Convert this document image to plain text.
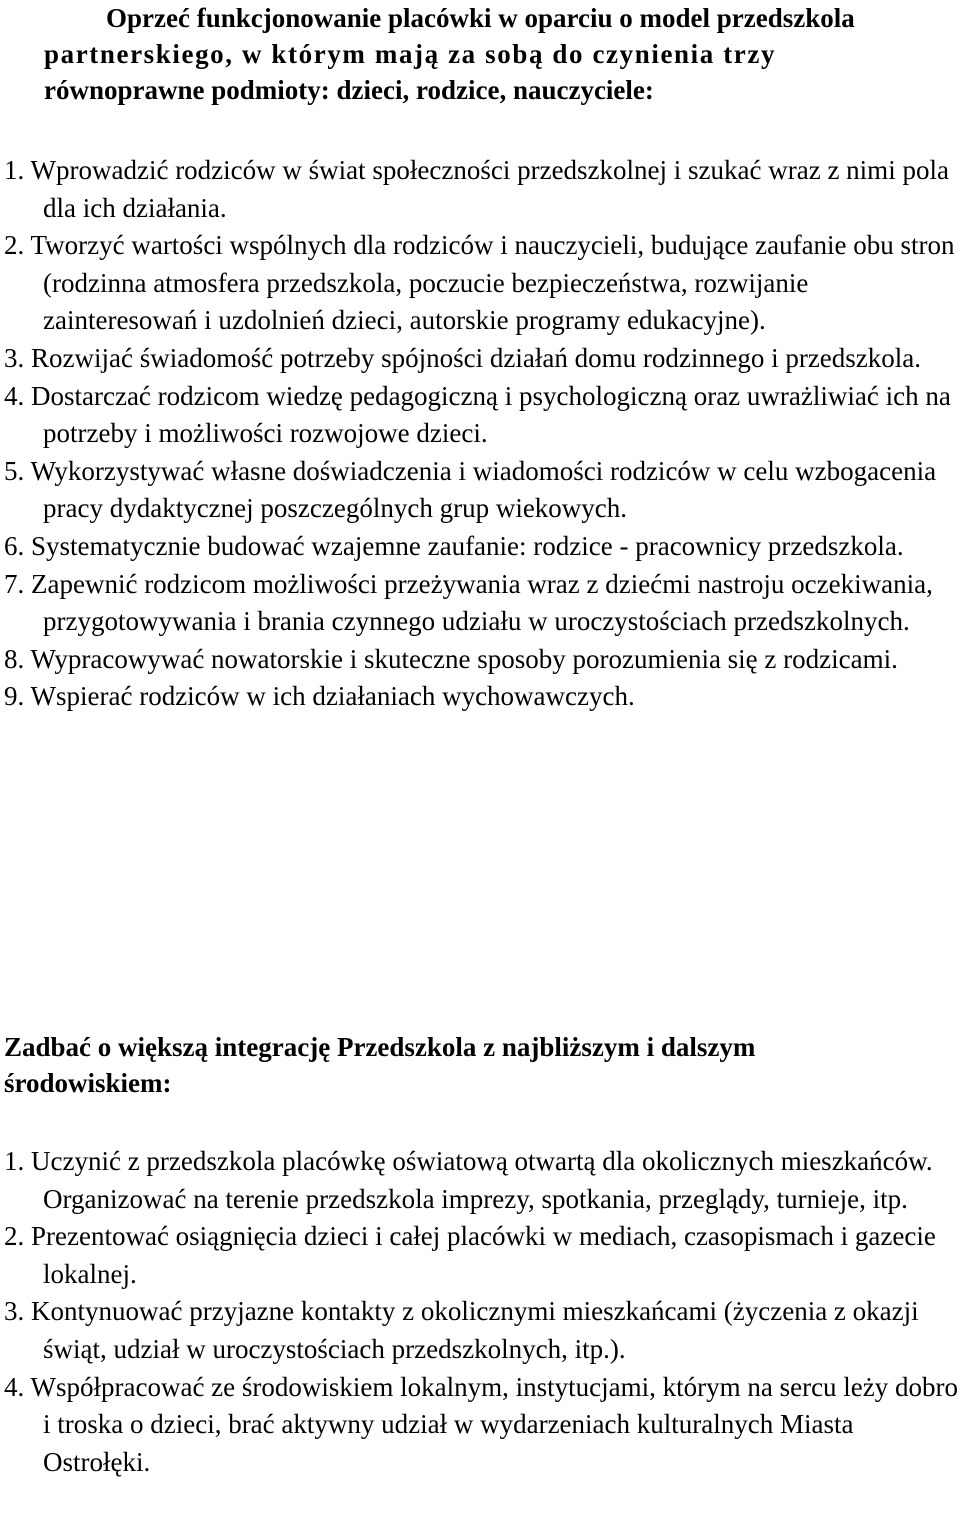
Oprzeć funkcjonowanie placówki w oparciu o model przedszkola
partnerskiego, w którym mają za sobą do czynienia trzy
równoprawne podmioty: dzieci, rodzice, nauczyciele:
1. Wprowadzić rodziców w świat społeczności przedszkolnej i szukać wraz z nimi pola dla ich działania.
2. Tworzyć wartości wspólnych dla rodziców i nauczycieli, budujące zaufanie obu stron (rodzinna atmosfera przedszkola, poczucie bezpieczeństwa, rozwijanie zainteresowań i uzdolnień dzieci, autorskie programy edukacyjne).
3. Rozwijać świadomość potrzeby spójności działań domu rodzinnego i przedszkola.
4. Dostarczać rodzicom wiedzę pedagogiczną i psychologiczną oraz uwrażliwiać ich na potrzeby i możliwości rozwojowe dzieci.
5. Wykorzystywać własne doświadczenia i wiadomości rodziców w celu wzbogacenia pracy dydaktycznej poszczególnych grup wiekowych.
6. Systematycznie budować wzajemne zaufanie: rodzice - pracownicy przedszkola.
7. Zapewnić rodzicom możliwości przeżywania wraz z dziećmi nastroju oczekiwania, przygotowywania i brania czynnego udziału w uroczystościach przedszkolnych.
8. Wypracowywać nowatorskie i skuteczne sposoby porozumienia się z rodzicami.
9. Wspierać rodziców w ich działaniach wychowawczych.
Zadbać o większą integrację Przedszkola z najbliższym i dalszym środowiskiem:
1. Uczynić z przedszkola placówkę oświatową otwartą dla okolicznych mieszkańców. Organizować na terenie przedszkola imprezy, spotkania, przeglądy, turnieje, itp.
2. Prezentować osiągnięcia dzieci i całej placówki w mediach, czasopismach i gazecie lokalnej.
3. Kontynuować przyjazne kontakty z okolicznymi mieszkańcami (życzenia z okazji świąt, udział w uroczystościach przedszkolnych, itp.).
4. Współpracować ze środowiskiem lokalnym, instytucjami, którym na sercu leży dobro i troska o dzieci, brać aktywny udział w wydarzeniach kulturalnych Miasta Ostrołęki.
